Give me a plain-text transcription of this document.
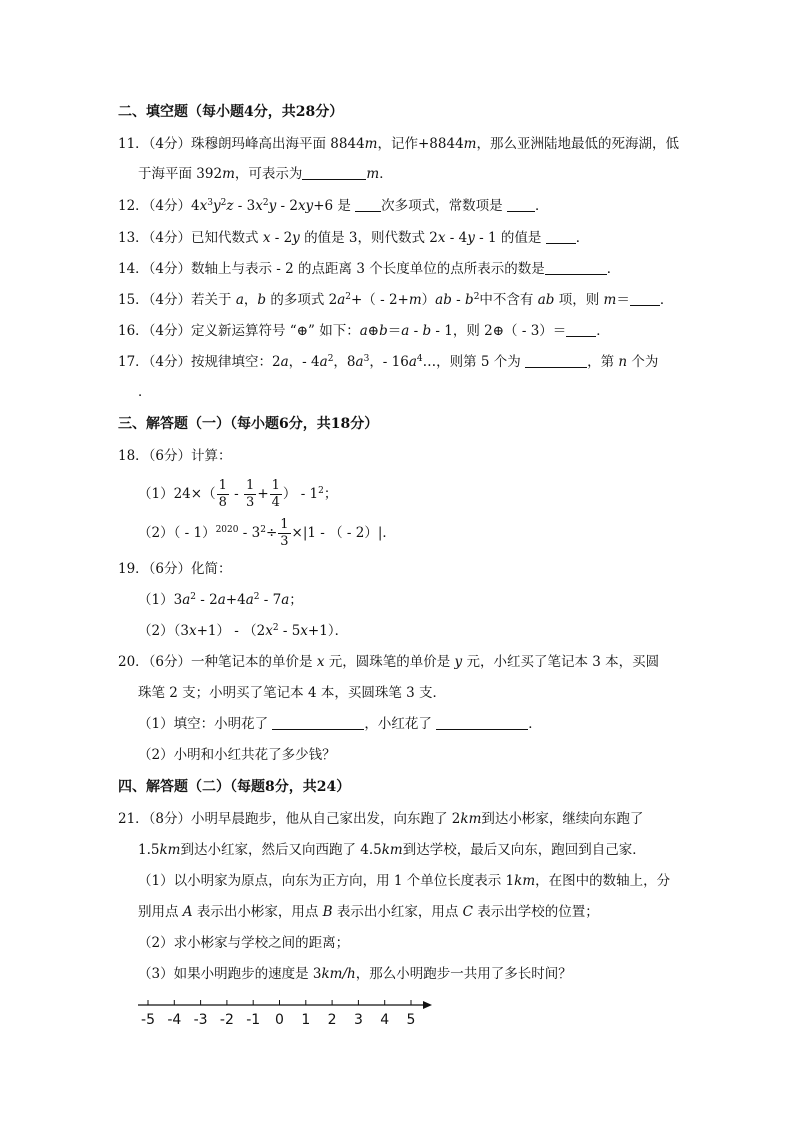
二、填空题（每小题4分，共28分）
11．（4分）珠穆朗玛峰高出海平面 8844m，记作+8844m，那么亚洲陆地最低的死海湖，低
于海平面 392m，可表示为	m．
12．（4分）$4x^3y^2z - 3x^2y - 2xy+6$ 是 次多项式，常数项是 ．
13．（4分）已知代数式 x - 2y 的值是 3，则代数式 2x - 4y - 1 的值是 ．
14．（4分）数轴上与表示 - 2 的点距离 3 个长度单位的点所表示的数是	．
15．（4分）若关于 a，b 的多项式 $2a^2+( - 2+m)ab - b^2$中不含有 ab 项，则 m＝ ．
16．（4分）定义新运算符号 “⊕” 如下：a⊕b＝a - b - 1，则 2⊕（ - 3）＝ ．
17．（4分）按规律填空：2a，- $4a^2$，$8a^3$，- $16a^4\dots$，则第 5 个为	，第 n 个为
．
三、解答题（一）（每小题6分，共18分）
18．（6分）计算：
$(1)24\times( \frac{1}{8} - \frac{1}{3} + \frac{1}{4}$ ） - $1^2$；
$(2)( - 1)^{2020} - 3^2\div \frac{1}{3} \times|1$ - （ - 2）|．
19．（6分）化简：
$(1)3a^2 - 2a+4a^2 - 7a$；
$(2)(3x+1) - (2x^2 - 5x+1)$．
20．（6分）一种笔记本的单价是 x 元，圆珠笔的单价是 y 元，小红买了笔记本 3 本，买圆
珠笔 2 支；小明买了笔记本 4 本，买圆珠笔 3 支．
（1）填空：小明花了	，小红花了	．
（2）小明和小红共花了多少钱？
四、解答题（二）（每题8分，共24）
21．（8分）小明早晨跑步，他从自己家出发，向东跑了 2km到达小彬家，继续向东跑了
1.5km到达小红家，然后又向西跑了 4.5km到达学校，最后又向东，跑回到自己家．
（1）以小明家为原点，向东为正方向，用 1 个单位长度表示 1km，在图中的数轴上，分
别用点 A 表示出小彬家，用点 B 表示出小红家，用点 C 表示出学校的位置；
（2）求小彬家与学校之间的距离；
（3）如果小明跑步的速度是 3km/h，那么小明跑步一共用了多长时间？
-5 -4 -3 -2 -1 0 1 2 3 4 5
